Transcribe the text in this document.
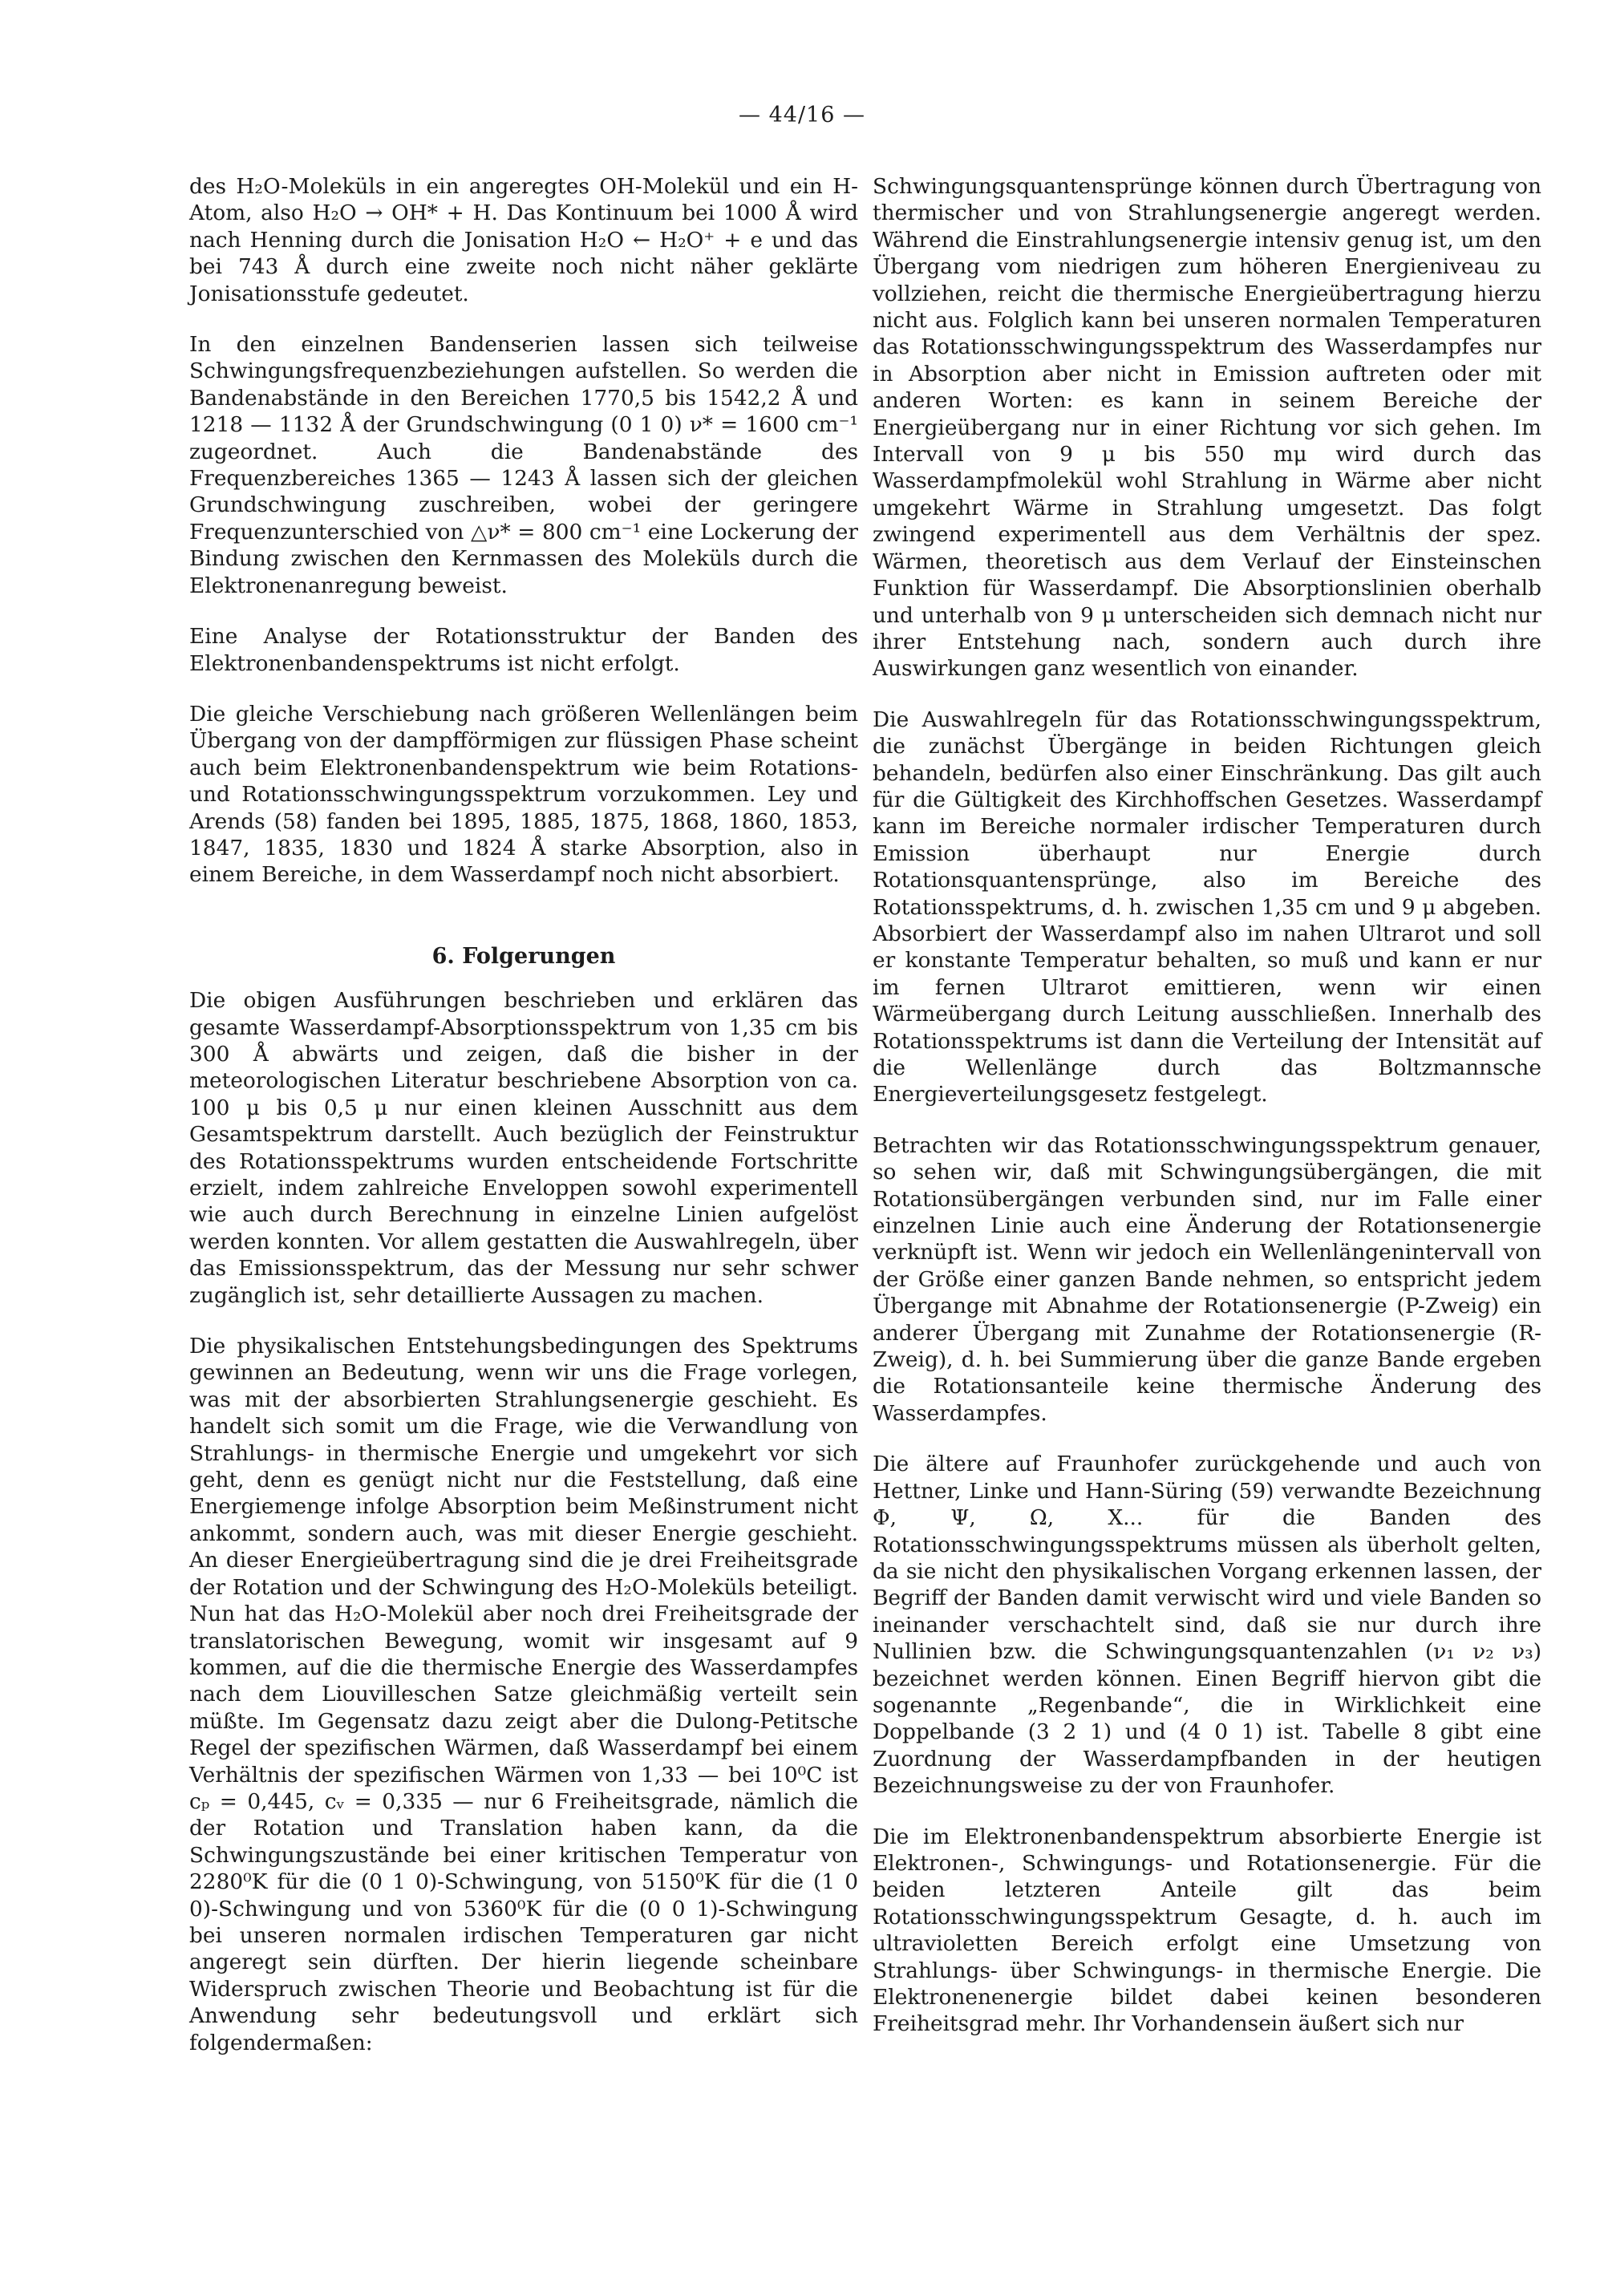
— 44/16 —

des H₂O-Moleküls in ein angeregtes OH-Molekül und ein H-Atom, also H₂O → OH* + H. Das Kontinuum bei 1000 Å wird nach Henning durch die Jonisation H₂O ← H₂O⁺ + e und das bei 743 Å durch eine zweite noch nicht näher geklärte Jonisationsstufe gedeutet.

In den einzelnen Bandenserien lassen sich teilweise Schwingungsfrequenzbeziehungen aufstellen. So werden die Bandenabstände in den Bereichen 1770,5 bis 1542,2 Å und 1218 — 1132 Å der Grundschwingung (0 1 0) ν* = 1600 cm⁻¹ zugeordnet. Auch die Bandenabstände des Frequenzbereiches 1365 — 1243 Å lassen sich der gleichen Grundschwingung zuschreiben, wobei der geringere Frequenzunterschied von △ν* = 800 cm⁻¹ eine Lockerung der Bindung zwischen den Kernmassen des Moleküls durch die Elektronenanregung beweist.

Eine Analyse der Rotationsstruktur der Banden des Elektronenbandenspektrums ist nicht erfolgt.

Die gleiche Verschiebung nach größeren Wellenlängen beim Übergang von der dampfförmigen zur flüssigen Phase scheint auch beim Elektronenbandenspektrum wie beim Rotations- und Rotationsschwingungsspektrum vorzukommen. Ley und Arends (58) fanden bei 1895, 1885, 1875, 1868, 1860, 1853, 1847, 1835, 1830 und 1824 Å starke Absorption, also in einem Bereiche, in dem Wasserdampf noch nicht absorbiert.

6. Folgerungen

Die obigen Ausführungen beschrieben und erklären das gesamte Wasserdampf-Absorptionsspektrum von 1,35 cm bis 300 Å abwärts und zeigen, daß die bisher in der meteorologischen Literatur beschriebene Absorption von ca. 100 μ bis 0,5 μ nur einen kleinen Ausschnitt aus dem Gesamtspektrum darstellt. Auch bezüglich der Feinstruktur des Rotationsspektrums wurden entscheidende Fortschritte erzielt, indem zahlreiche Enveloppen sowohl experimentell wie auch durch Berechnung in einzelne Linien aufgelöst werden konnten. Vor allem gestatten die Auswahlregeln, über das Emissionsspektrum, das der Messung nur sehr schwer zugänglich ist, sehr detaillierte Aussagen zu machen.

Die physikalischen Entstehungsbedingungen des Spektrums gewinnen an Bedeutung, wenn wir uns die Frage vorlegen, was mit der absorbierten Strahlungsenergie geschieht. Es handelt sich somit um die Frage, wie die Verwandlung von Strahlungs- in thermische Energie und umgekehrt vor sich geht, denn es genügt nicht nur die Feststellung, daß eine Energiemenge infolge Absorption beim Meßinstrument nicht ankommt, sondern auch, was mit dieser Energie geschieht. An dieser Energieübertragung sind die je drei Freiheitsgrade der Rotation und der Schwingung des H₂O-Moleküls beteiligt. Nun hat das H₂O-Molekül aber noch drei Freiheitsgrade der translatorischen Bewegung, womit wir insgesamt auf 9 kommen, auf die die thermische Energie des Wasserdampfes nach dem Liouvilleschen Satze gleichmäßig verteilt sein müßte. Im Gegensatz dazu zeigt aber die Dulong-Petitsche Regel der spezifischen Wärmen, daß Wasserdampf bei einem Verhältnis der spezifischen Wärmen von 1,33 — bei 10⁰C ist cₚ = 0,445, cᵥ = 0,335 — nur 6 Freiheitsgrade, nämlich die der Rotation und Translation haben kann, da die Schwingungszustände bei einer kritischen Temperatur von 2280⁰K für die (0 1 0)-Schwingung, von 5150⁰K für die (1 0 0)-Schwingung und von 5360⁰K für die (0 0 1)-Schwingung bei unseren normalen irdischen Temperaturen gar nicht angeregt sein dürften. Der hierin liegende scheinbare Widerspruch zwischen Theorie und Beobachtung ist für die Anwendung sehr bedeutungsvoll und erklärt sich folgendermaßen:

Schwingungsquantensprünge können durch Übertragung von thermischer und von Strahlungsenergie angeregt werden. Während die Einstrahlungsenergie intensiv genug ist, um den Übergang vom niedrigen zum höheren Energieniveau zu vollziehen, reicht die thermische Energieübertragung hierzu nicht aus. Folglich kann bei unseren normalen Temperaturen das Rotationsschwingungsspektrum des Wasserdampfes nur in Absorption aber nicht in Emission auftreten oder mit anderen Worten: es kann in seinem Bereiche der Energieübergang nur in einer Richtung vor sich gehen. Im Intervall von 9 μ bis 550 mμ wird durch das Wasserdampfmolekül wohl Strahlung in Wärme aber nicht umgekehrt Wärme in Strahlung umgesetzt. Das folgt zwingend experimentell aus dem Verhältnis der spez. Wärmen, theoretisch aus dem Verlauf der Einsteinschen Funktion für Wasserdampf. Die Absorptionslinien oberhalb und unterhalb von 9 μ unterscheiden sich demnach nicht nur ihrer Entstehung nach, sondern auch durch ihre Auswirkungen ganz wesentlich von einander.

Die Auswahlregeln für das Rotationsschwingungsspektrum, die zunächst Übergänge in beiden Richtungen gleich behandeln, bedürfen also einer Einschränkung. Das gilt auch für die Gültigkeit des Kirchhoffschen Gesetzes. Wasserdampf kann im Bereiche normaler irdischer Temperaturen durch Emission überhaupt nur Energie durch Rotationsquantensprünge, also im Bereiche des Rotationsspektrums, d. h. zwischen 1,35 cm und 9 μ abgeben. Absorbiert der Wasserdampf also im nahen Ultrarot und soll er konstante Temperatur behalten, so muß und kann er nur im fernen Ultrarot emittieren, wenn wir einen Wärmeübergang durch Leitung ausschließen. Innerhalb des Rotationsspektrums ist dann die Verteilung der Intensität auf die Wellenlänge durch das Boltzmannsche Energieverteilungsgesetz festgelegt.

Betrachten wir das Rotationsschwingungsspektrum genauer, so sehen wir, daß mit Schwingungsübergängen, die mit Rotationsübergängen verbunden sind, nur im Falle einer einzelnen Linie auch eine Änderung der Rotationsenergie verknüpft ist. Wenn wir jedoch ein Wellenlängenintervall von der Größe einer ganzen Bande nehmen, so entspricht jedem Übergange mit Abnahme der Rotationsenergie (P-Zweig) ein anderer Übergang mit Zunahme der Rotationsenergie (R-Zweig), d. h. bei Summierung über die ganze Bande ergeben die Rotationsanteile keine thermische Änderung des Wasserdampfes.

Die ältere auf Fraunhofer zurückgehende und auch von Hettner, Linke und Hann-Süring (59) verwandte Bezeichnung Φ, Ψ, Ω, X... für die Banden des Rotationsschwingungsspektrums müssen als überholt gelten, da sie nicht den physikalischen Vorgang erkennen lassen, der Begriff der Banden damit verwischt wird und viele Banden so ineinander verschachtelt sind, daß sie nur durch ihre Nullinien bzw. die Schwingungsquantenzahlen (ν₁ ν₂ ν₃) bezeichnet werden können. Einen Begriff hiervon gibt die sogenannte „Regenbande“, die in Wirklichkeit eine Doppelbande (3 2 1) und (4 0 1) ist. Tabelle 8 gibt eine Zuordnung der Wasserdampfbanden in der heutigen Bezeichnungsweise zu der von Fraunhofer.

Die im Elektronenbandenspektrum absorbierte Energie ist Elektronen-, Schwingungs- und Rotationsenergie. Für die beiden letzteren Anteile gilt das beim Rotationsschwingungsspektrum Gesagte, d. h. auch im ultravioletten Bereich erfolgt eine Umsetzung von Strahlungs- über Schwingungs- in thermische Energie. Die Elektronenenergie bildet dabei keinen besonderen Freiheitsgrad mehr. Ihr Vorhandensein äußert sich nur
